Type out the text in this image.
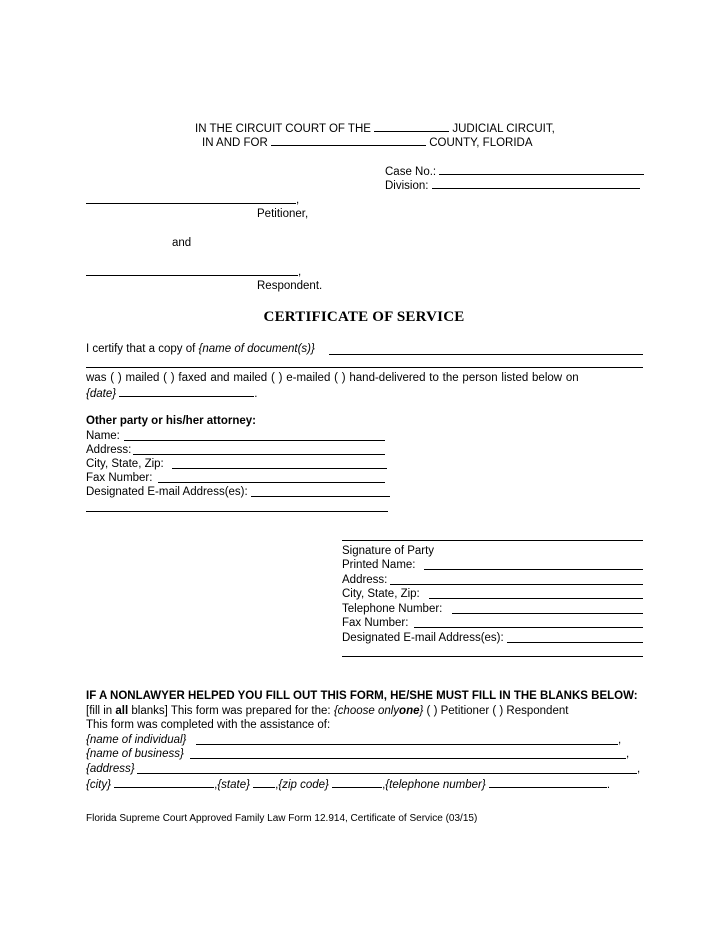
IN THE CIRCUIT COURT OF THE	JUDICIAL CIRCUIT,
IN AND FOR	COUNTY, FLORIDA
Case No.:
Division:
,
Petitioner,
and
,
Respondent.
CERTIFICATE OF SERVICE
I certify that a copy of {name of document(s)}
was ( ) mailed ( ) faxed and mailed ( ) e-mailed ( ) hand-delivered to the person listed below on
{date}	.
Other party or his/her attorney:
Name:
Address:
City, State, Zip:
Fax Number:
Designated E-mail Address(es):
Signature of Party
Printed Name:
Address:
City, State, Zip:
Telephone Number:
Fax Number:
Designated E-mail Address(es):
IF A NONLAWYER HELPED YOU FILL OUT THIS FORM, HE/SHE MUST FILL IN THE BLANKS BELOW:
[fill in all blanks] This form was prepared for the: {choose onlyone} ( ) Petitioner ( ) Respondent
This form was completed with the assistance of:
{name of individual}	,
{name of business}	,
{address}	,
{city}	,{state} ,{zip code}	,{telephone number}	.
Florida Supreme Court Approved Family Law Form 12.914, Certificate of Service (03/15)
